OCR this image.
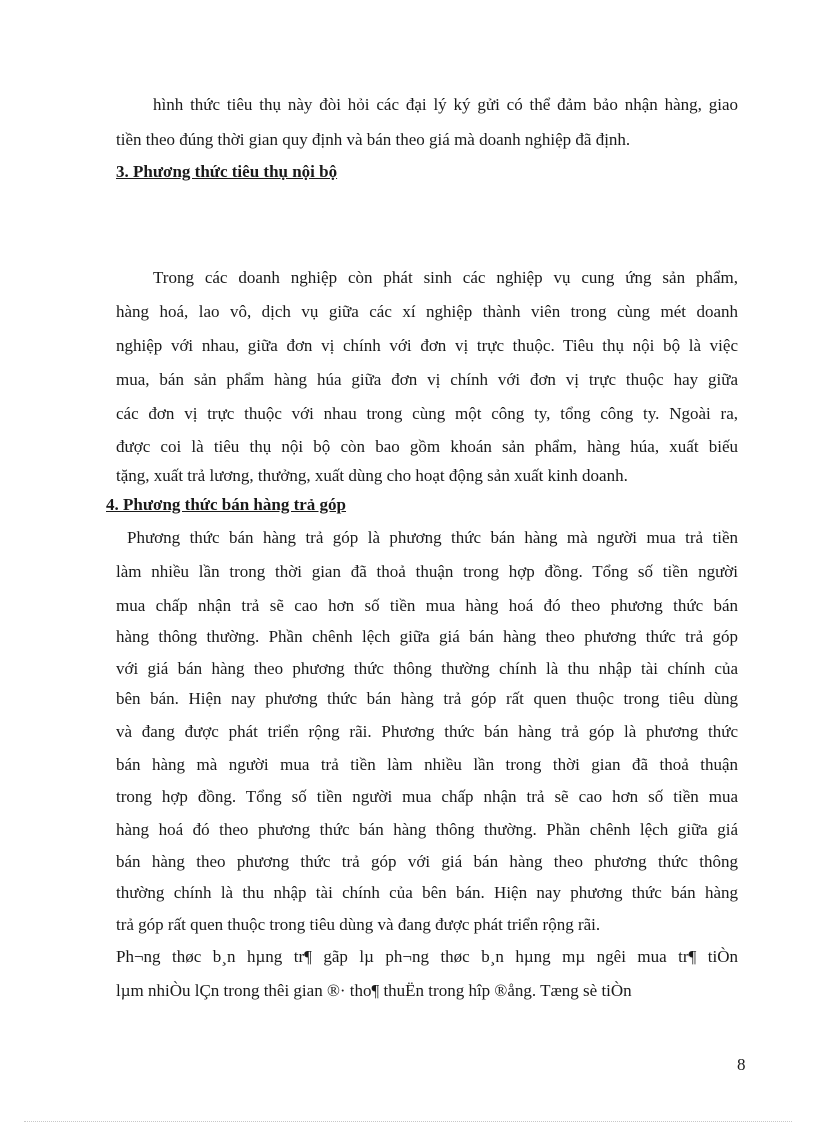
hình thức tiêu thụ này đòi hỏi các đại lý ký gửi có thể đảm bảo nhận hàng, giao
tiền theo đúng thời gian quy định và bán theo giá mà doanh nghiệp đã định.
3. Phương thức tiêu thụ nội bộ
Trong các doanh nghiệp còn phát sinh các nghiệp vụ cung ứng sản phẩm,
hàng hoá, lao vô, dịch vụ giữa các xí nghiệp thành viên trong cùng mét doanh
nghiệp với nhau, giữa đơn vị chính với đơn vị trực thuộc. Tiêu thụ nội bộ là việc
mua, bán sản phẩm hàng húa giữa đơn vị chính với đơn vị trực thuộc hay giữa
các đơn vị trực thuộc với nhau trong cùng một công ty, tổng công ty. Ngoài ra,
được coi là tiêu thụ nội bộ còn bao gồm khoán sản phẩm, hàng húa, xuất biếu
tặng, xuất trả lương, thưởng, xuất dùng cho hoạt động sản xuất kinh doanh.
4. Phương thức bán hàng trả góp
Phương thức bán hàng trả góp là phương thức bán hàng mà người mua trả tiền
làm nhiều lần trong thời gian đã thoả thuận trong hợp đồng. Tổng số tiền người
mua chấp nhận trả sẽ cao hơn số tiền mua hàng hoá đó theo phương thức bán
hàng thông thường. Phần chênh lệch giữa giá bán hàng theo phương thức trả góp
với giá bán hàng theo phương thức thông thường chính là thu nhập tài chính của
bên bán. Hiện nay phương thức bán hàng trả góp rất quen thuộc trong tiêu dùng
và đang được phát triển rộng rãi. Phương thức bán hàng trả góp là phương thức
bán hàng mà người mua trả tiền làm nhiều lần trong thời gian đã thoả thuận
trong hợp đồng. Tổng số tiền người mua chấp nhận trả sẽ cao hơn số tiền mua
hàng hoá đó theo phương thức bán hàng thông thường. Phần chênh lệch giữa giá
bán hàng theo phương thức trả góp với giá bán hàng theo phương thức thông
thường chính là thu nhập tài chính của bên bán. Hiện nay phương thức bán hàng
trả góp rất quen thuộc trong tiêu dùng và đang được phát triển rộng rãi.
Ph¬ng thøc b¸n hµng tr¶ gãp lµ ph¬ng thøc b¸n hµng mµ ngêi mua tr¶ tiÒn
lµm nhiÒu lÇn trong thêi gian ®· tho¶ thuËn trong hîp ®ång. Tæng sè tiÒn
8
